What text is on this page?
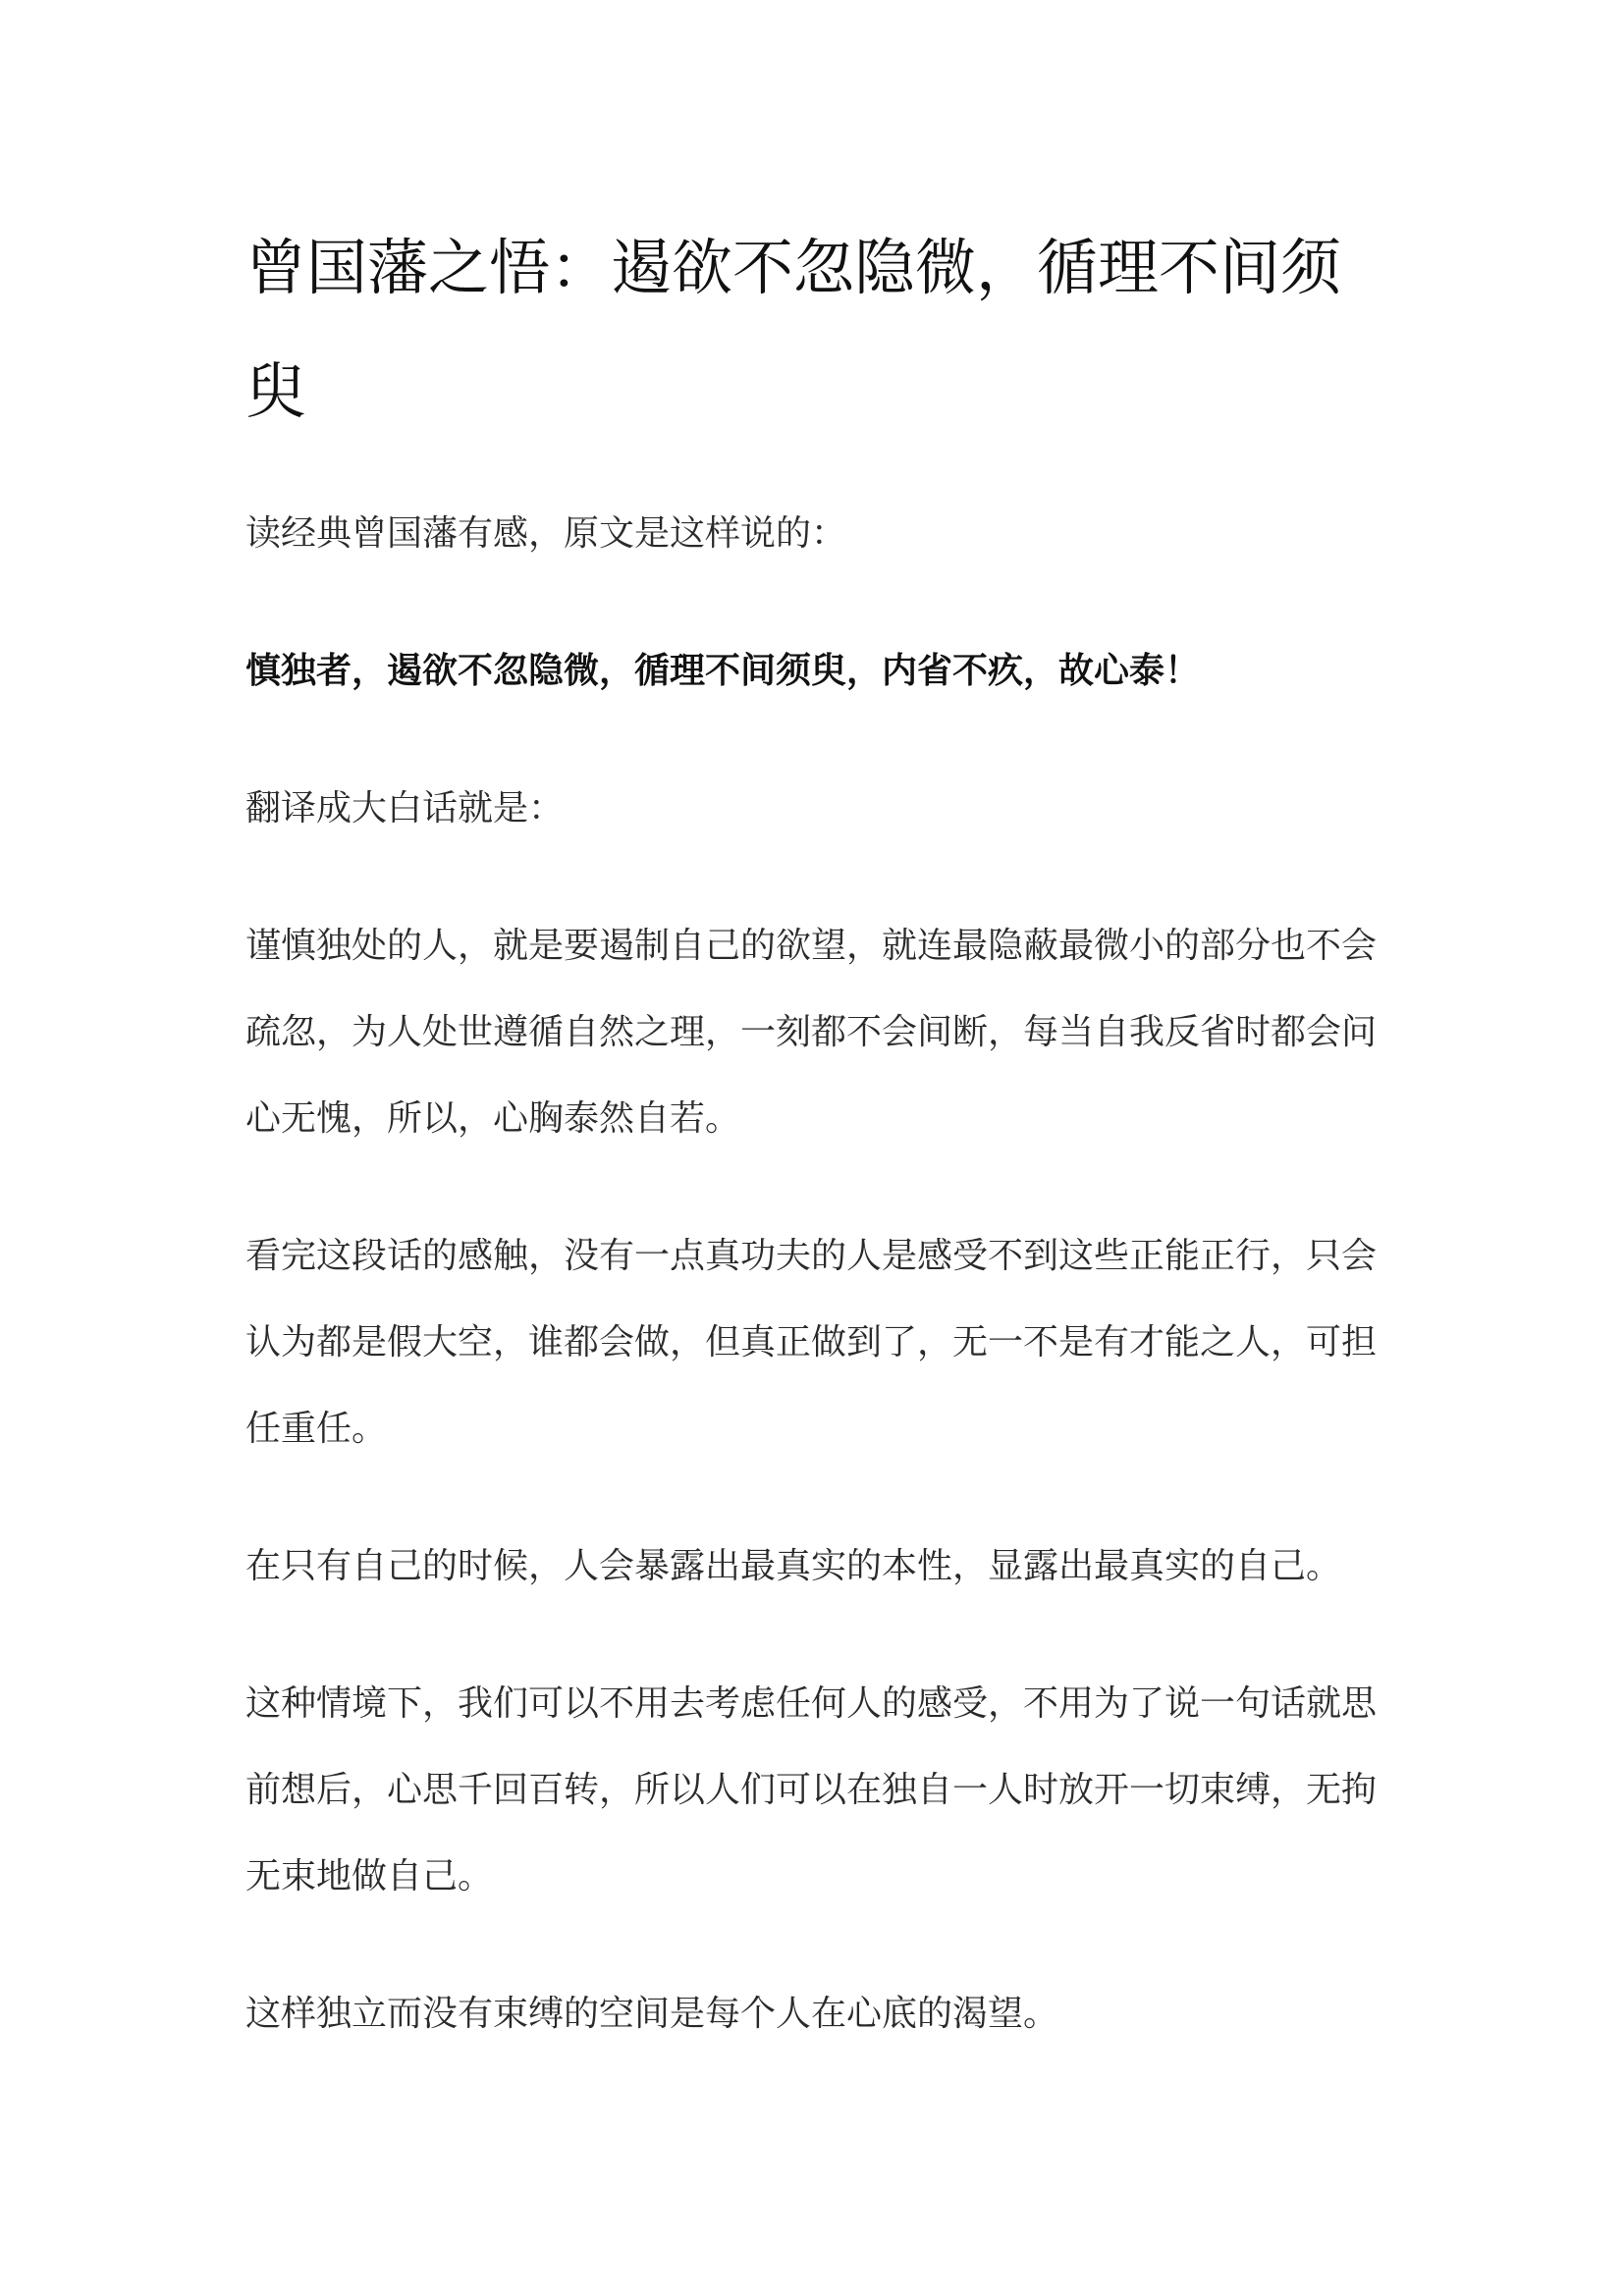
曾国藩之悟：遏欲不忽隐微，循理不间须臾

读经典曾国藩有感，原文是这样说的：

慎独者，遏欲不忽隐微，循理不间须臾，内省不疚，故心泰！

翻译成大白话就是：

谨慎独处的人，就是要遏制自己的欲望，就连最隐蔽最微小的部分也不会疏忽，为人处世遵循自然之理，一刻都不会间断，每当自我反省时都会问心无愧，所以，心胸泰然自若。

看完这段话的感触，没有一点真功夫的人是感受不到这些正能正行，只会认为都是假大空，谁都会做，但真正做到了，无一不是有才能之人，可担任重任。

在只有自己的时候，人会暴露出最真实的本性，显露出最真实的自己。

这种情境下，我们可以不用去考虑任何人的感受，不用为了说一句话就思前想后，心思千回百转，所以人们可以在独自一人时放开一切束缚，无拘无束地做自己。

这样独立而没有束缚的空间是每个人在心底的渴望。
